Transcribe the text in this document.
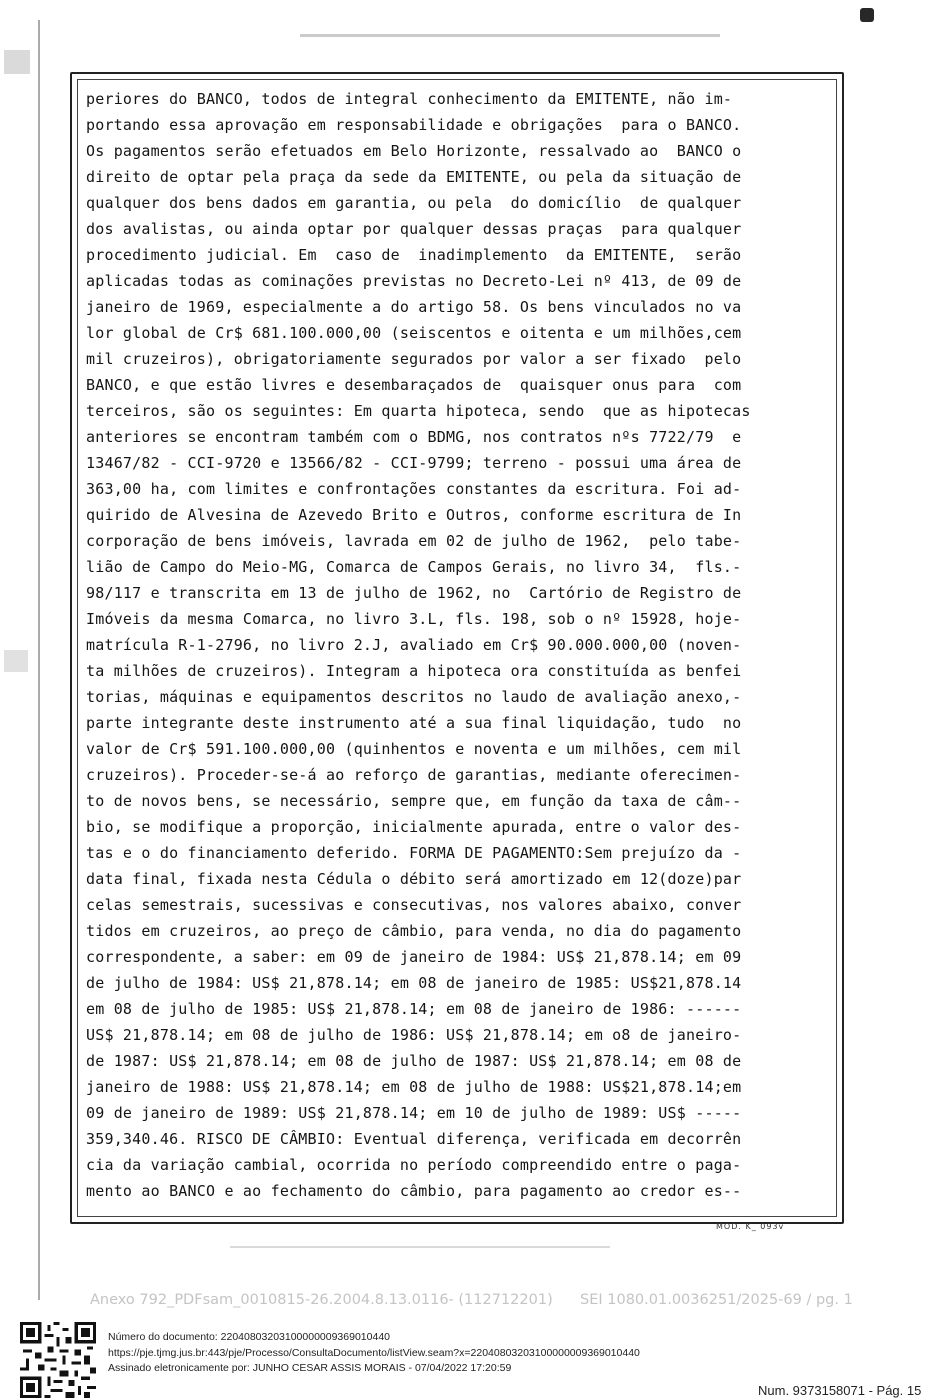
periores do BANCO, todos de integral conhecimento da EMITENTE, não im-
portando essa aprovação em responsabilidade e obrigações  para o BANCO.
Os pagamentos serão efetuados em Belo Horizonte, ressalvado ao  BANCO o
direito de optar pela praça da sede da EMITENTE, ou pela da situação de
qualquer dos bens dados em garantia, ou pela  do domicílio  de qualquer
dos avalistas, ou ainda optar por qualquer dessas praças  para qualquer
procedimento judicial. Em  caso de  inadimplemento  da EMITENTE,  serão
aplicadas todas as cominações previstas no Decreto-Lei nº 413, de 09 de
janeiro de 1969, especialmente a do artigo 58. Os bens vinculados no va
lor global de Cr$ 681.100.000,00 (seiscentos e oitenta e um milhões,cem
mil cruzeiros), obrigatoriamente segurados por valor a ser fixado  pelo
BANCO, e que estão livres e desembaraçados de  quaisquer onus para  com
terceiros, são os seguintes: Em quarta hipoteca, sendo  que as hipotecas
anteriores se encontram também com o BDMG, nos contratos nºs 7722/79  e
13467/82 - CCI-9720 e 13566/82 - CCI-9799; terreno - possui uma área de
363,00 ha, com limites e confrontações constantes da escritura. Foi ad-
quirido de Alvesina de Azevedo Brito e Outros, conforme escritura de In
corporação de bens imóveis, lavrada em 02 de julho de 1962,  pelo tabe-
lião de Campo do Meio-MG, Comarca de Campos Gerais, no livro 34,  fls.-
98/117 e transcrita em 13 de julho de 1962, no  Cartório de Registro de
Imóveis da mesma Comarca, no livro 3.L, fls. 198, sob o nº 15928, hoje-
matrícula R-1-2796, no livro 2.J, avaliado em Cr$ 90.000.000,00 (noven-
ta milhões de cruzeiros). Integram a hipoteca ora constituída as benfei
torias, máquinas e equipamentos descritos no laudo de avaliação anexo,-
parte integrante deste instrumento até a sua final liquidação, tudo  no
valor de Cr$ 591.100.000,00 (quinhentos e noventa e um milhões, cem mil
cruzeiros). Proceder-se-á ao reforço de garantias, mediante oferecimen-
to de novos bens, se necessário, sempre que, em função da taxa de câm--
bio, se modifique a proporção, inicialmente apurada, entre o valor des-
tas e o do financiamento deferido. FORMA DE PAGAMENTO:Sem prejuízo da -
data final, fixada nesta Cédula o débito será amortizado em 12(doze)par
celas semestrais, sucessivas e consecutivas, nos valores abaixo, conver
tidos em cruzeiros, ao preço de câmbio, para venda, no dia do pagamento
correspondente, a saber: em 09 de janeiro de 1984: US$ 21,878.14; em 09
de julho de 1984: US$ 21,878.14; em 08 de janeiro de 1985: US$21,878.14
em 08 de julho de 1985: US$ 21,878.14; em 08 de janeiro de 1986: ------
US$ 21,878.14; em 08 de julho de 1986: US$ 21,878.14; em o8 de janeiro-
de 1987: US$ 21,878.14; em 08 de julho de 1987: US$ 21,878.14; em 08 de
janeiro de 1988: US$ 21,878.14; em 08 de julho de 1988: US$21,878.14;em
09 de janeiro de 1989: US$ 21,878.14; em 10 de julho de 1989: US$ -----
359,340.46. RISCO DE CÂMBIO: Eventual diferença, verificada em decorrên
cia da variação cambial, ocorrida no período compreendido entre o paga-
mento ao BANCO e ao fechamento do câmbio, para pagamento ao credor es--
MOD. K_ 093v
Anexo 792_PDFsam_0010815-26.2004.8.13.0116- (112712201) SEI 1080.01.0036251/2025-69 / pg. 1
Número do documento: 22040803203100000009369010440
https://pje.tjmg.jus.br:443/pje/Processo/ConsultaDocumento/listView.seam?x=22040803203100000009369010440
Assinado eletronicamente por: JUNHO CESAR ASSIS MORAIS - 07/04/2022 17:20:59
Num. 9373158071 - Pág. 15
